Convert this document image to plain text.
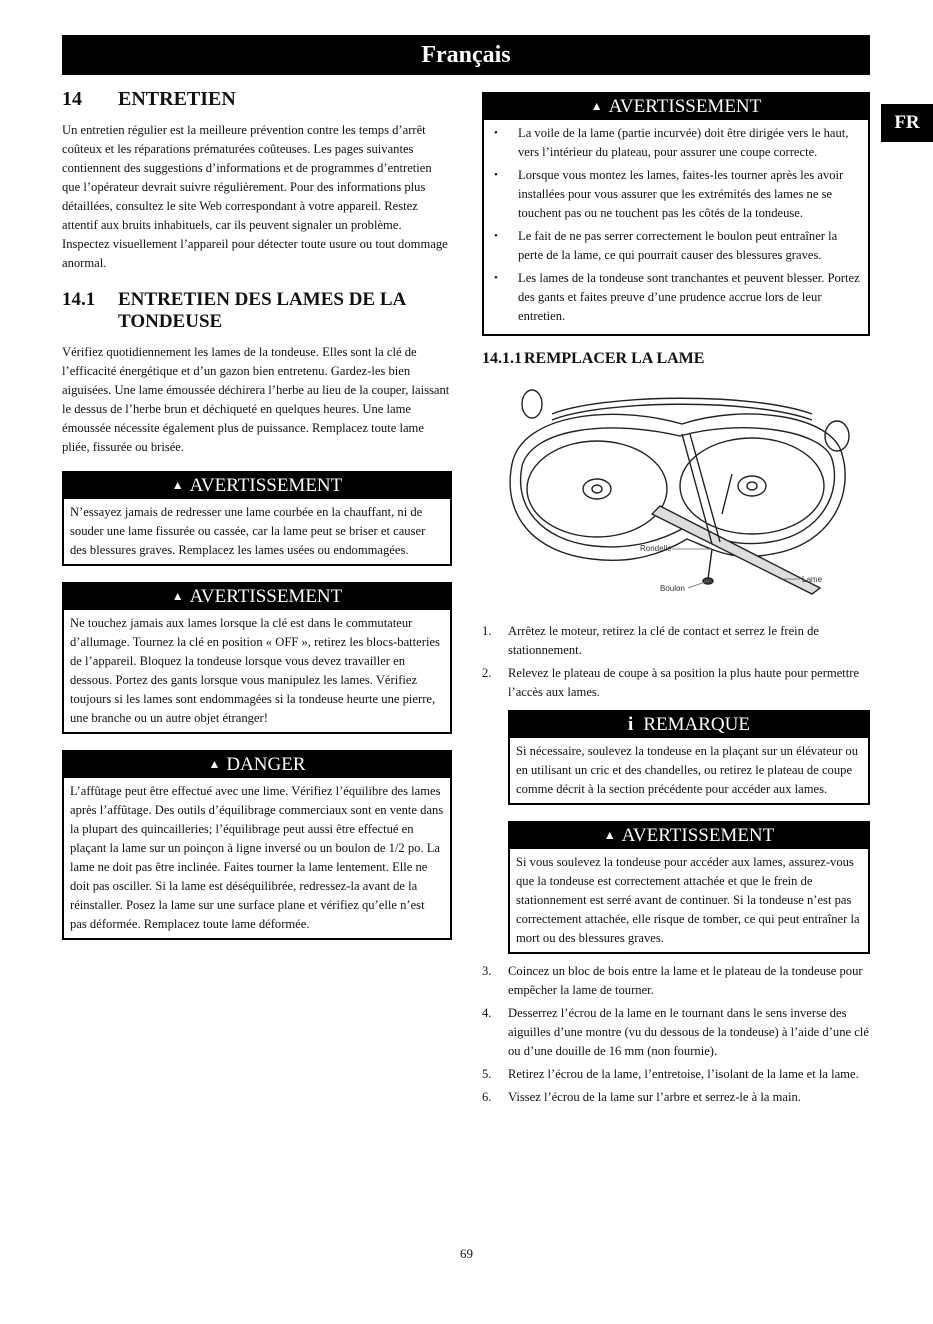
Français
FR
14	ENTRETIEN

Un entretien régulier est la meilleure prévention contre les temps d’arrêt coûteux et les réparations prématurées coûteuses. Les pages suivantes contiennent des suggestions d’informations et de programmes d’entretien que l’opérateur devrait suivre régulièrement. Pour des informations plus détaillées, consultez le site Web correspondant à votre appareil. Restez attentif aux bruits inhabituels, car ils peuvent signaler un problème. Inspectez visuellement l’appareil pour détecter toute usure ou tout dommage anormal.

14.1	ENTRETIEN DES LAMES DE LA TONDEUSE

Vérifiez quotidiennement les lames de la tondeuse. Elles sont la clé de l’efficacité énergétique et d’un gazon bien entretenu. Gardez-les bien aiguisées. Une lame émoussée déchirera l’herbe au lieu de la couper, laissant le dessus de l’herbe brun et déchiqueté en quelques heures. Une lame émoussée nécessite également plus de puissance. Remplacez toute lame pliée, fissurée ou brisée.

▲ AVERTISSEMENT
N’essayez jamais de redresser une lame courbée en la chauffant, ni de souder une lame fissurée ou cassée, car la lame peut se briser et causer des blessures graves. Remplacez les lames usées ou endommagées.
▲ AVERTISSEMENT
Ne touchez jamais aux lames lorsque la clé est dans le commutateur d’allumage. Tournez la clé en position « OFF », retirez les blocs-batteries de l’appareil. Bloquez la tondeuse lorsque vous devez travailler en dessous. Portez des gants lorsque vous manipulez les lames. Vérifiez toujours si les lames sont endommagées si la tondeuse heurte une pierre, une branche ou un autre objet étranger!
▲ DANGER
L’affûtage peut être effectué avec une lime. Vérifiez l’équilibre des lames après l’affûtage. Des outils d’équilibrage commerciaux sont en vente dans la plupart des quincailleries; l’équilibrage peut aussi être effectué en plaçant la lame sur un poinçon à ligne inversé ou un boulon de 1/2 po. La lame ne doit pas être inclinée. Faites tourner la lame lentement. Elle ne doit pas osciller. Si la lame est déséquilibrée, redressez-la avant de la réinstaller. Posez la lame sur une surface plane et vérifiez qu’elle n’est pas déformée. Remplacez toute lame déformée.
▲ AVERTISSEMENT
• La voile de la lame (partie incurvée) doit être dirigée vers le haut, vers l’intérieur du plateau, pour assurer une coupe correcte.
• Lorsque vous montez les lames, faites-les tourner après les avoir installées pour vous assurer que les extrémités des lames ne se touchent pas ou ne touchent pas les côtés de la tondeuse.
• Le fait de ne pas serrer correctement le boulon peut entraîner la perte de la lame, ce qui pourrait causer des blessures graves.
• Les lames de la tondeuse sont tranchantes et peuvent blesser. Portez des gants et faites preuve d’une prudence accrue lors de leur entretien.
14.1.1 REMPLACER LA LAME
Rondelle
Boulon
Lame
1.	Arrêtez le moteur, retirez la clé de contact et serrez le frein de stationnement.
2.	Relevez le plateau de coupe à sa position la plus haute pour permettre l’accès aux lames.
i REMARQUE
Si nécessaire, soulevez la tondeuse en la plaçant sur un élévateur ou en utilisant un cric et des chandelles, ou retirez le plateau de coupe comme décrit à la section précédente pour accéder aux lames.
▲ AVERTISSEMENT
Si vous soulevez la tondeuse pour accéder aux lames, assurez-vous que la tondeuse est correctement attachée et que le frein de stationnement est serré avant de continuer. Si la tondeuse n’est pas correctement attachée, elle risque de tomber, ce qui peut entraîner la mort ou des blessures graves.
3.	Coincez un bloc de bois entre la lame et le plateau de la tondeuse pour empêcher la lame de tourner.
4.	Desserrez l’écrou de la lame en le tournant dans le sens inverse des aiguilles d’une montre (vu du dessous de la tondeuse) à l’aide d’une clé ou d’une douille de 16 mm (non fournie).
5.	Retirez l’écrou de la lame, l’entretoise, l’isolant de la lame et la lame.
6.	Vissez l’écrou de la lame sur l’arbre et serrez-le à la main.
69
